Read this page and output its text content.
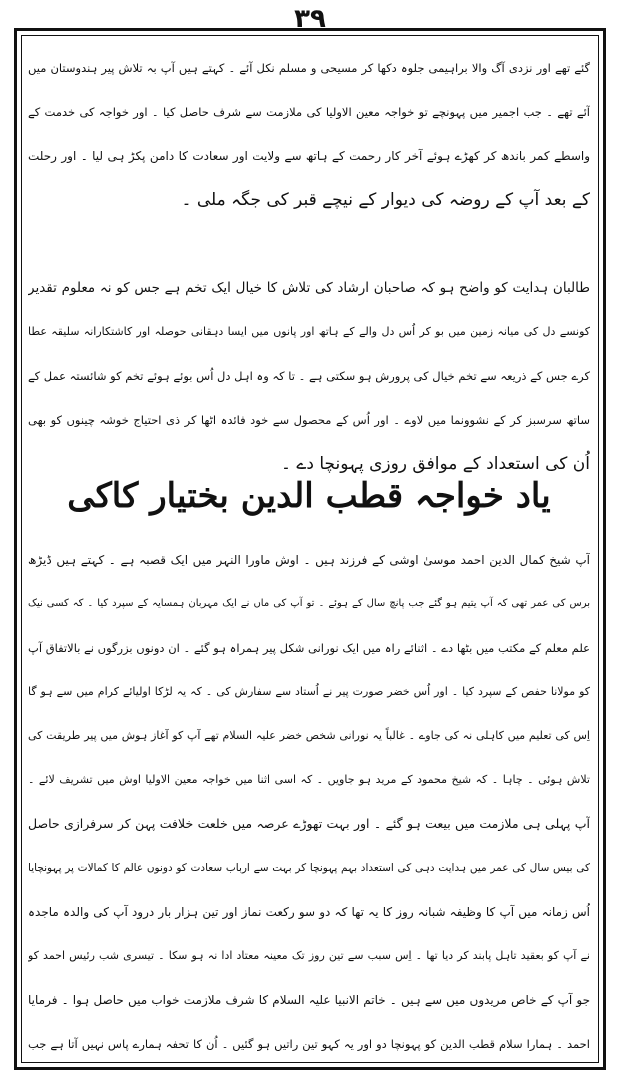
۳۹
گئے تھے اور نزدی آگ والا براہیمی جلوہ دکھا کر مسیحی و مسلم نکل آئے ۔ کہتے ہیں آپ بہ تلاش پیر ہندوستان میں
آئے تھے ۔ جب اجمیر میں پہونچے تو خواجہ معین الاولیا کی ملازمت سے شرف حاصل کیا ۔ اور خواجہ کی خدمت کے
واسطے کمر باندھ کر کھڑے ہوئے آخر کار رحمت کے ہاتھ سے ولایت اور سعادت کا دامن پکڑ ہی لیا ۔ اور رحلت
کے بعد آپ کے روضہ کی دیوار کے نیچے قبر کی جگہ ملی ۔
طالبان ہدایت کو واضح ہو کہ صاحبان ارشاد کی تلاش کا خیال ایک تخم ہے جس کو نہ معلوم تقدیر
کونسے دل کی میانہ زمین میں بو کر اُس دل والے کے ہاتھ اور پانوں میں ایسا دہقانی حوصلہ اور کاشتکارانہ سلیقہ عطا
کرے جس کے ذریعہ سے تخم خیال کی پرورش ہو سکتی ہے ۔ تا کہ وہ اہل دل اُس بوئے ہوئے تخم کو شائستہ عمل کے
ساتھ سرسبز کر کے نشوونما میں لاوے ۔ اور اُس کے محصول سے خود فائدہ اٹھا کر ذی احتیاج خوشہ چینوں کو بھی
اُن کی استعداد کے موافق روزی پہونچا دے ۔
یاد خواجہ قطب الدین بختیار کاکی
آپ شیخ کمال الدین احمد موسیٰ اوشی کے فرزند ہیں ۔ اوش ماورا النہر میں ایک قصبہ ہے ۔ کہتے ہیں ڈیڑھ
برس کی عمر تھی کہ آپ یتیم ہو گئے جب پانچ سال کے ہوئے ۔ تو آپ کی ماں نے ایک مہربان ہمسایہ کے سپرد کیا ۔ کہ کسی نیک
علم معلم کے مکتب میں بٹھا دے ۔ اثنائے راہ میں ایک نورانی شکل پیر ہمراہ ہو گئے ۔ ان دونوں بزرگوں نے بالاتفاق آپ
کو مولانا حفص کے سپرد کیا ۔ اور اُس خضر صورت پیر نے اُستاد سے سفارش کی ۔ کہ یہ لڑکا اولیائے کرام میں سے ہو گا
اِس کی تعلیم میں کاہلی نہ کی جاوے ۔ غالباً یہ نورانی شخص خضر علیہ السلام تھے آپ کو آغاز ہوش میں پیر طریقت کی
تلاش ہوئی ۔ چاہا ۔ کہ شیخ محمود کے مرید ہو جاویں ۔ کہ اسی اثنا میں خواجہ معین الاولیا اوش میں تشریف لائے ۔
آپ پہلی ہی ملازمت میں بیعت ہو گئے ۔ اور بہت تھوڑے عرصہ میں خلعت خلافت پہن کر سرفرازی حاصل
کی بیس سال کی عمر میں ہدایت دہی کی استعداد بہم پہونچا کر بہت سے ارباب سعادت کو دونوں عالم کا کمالات پر پہونچایا
اُس زمانہ میں آپ کا وظیفہ شبانہ روز کا یہ تھا کہ دو سو رکعت نماز اور تین ہزار بار درود آپ کی والدہ ماجدہ
نے آپ کو بعقید تاہل پابند کر دیا تھا ۔ اِس سبب سے تین روز تک معینہ معتاد ادا نہ ہو سکا ۔ تیسری شب رئیس احمد کو
جو آپ کے خاص مریدوں میں سے ہیں ۔ خاتم الانبیا علیہ السلام کا شرف ملازمت خواب میں حاصل ہوا ۔ فرمایا
احمد ۔ ہمارا سلام قطب الدین کو پہونچا دو اور یہ کہو تین راتیں ہو گئیں ۔ اُن کا تحفہ ہمارے پاس نہیں آتا ہے جب
